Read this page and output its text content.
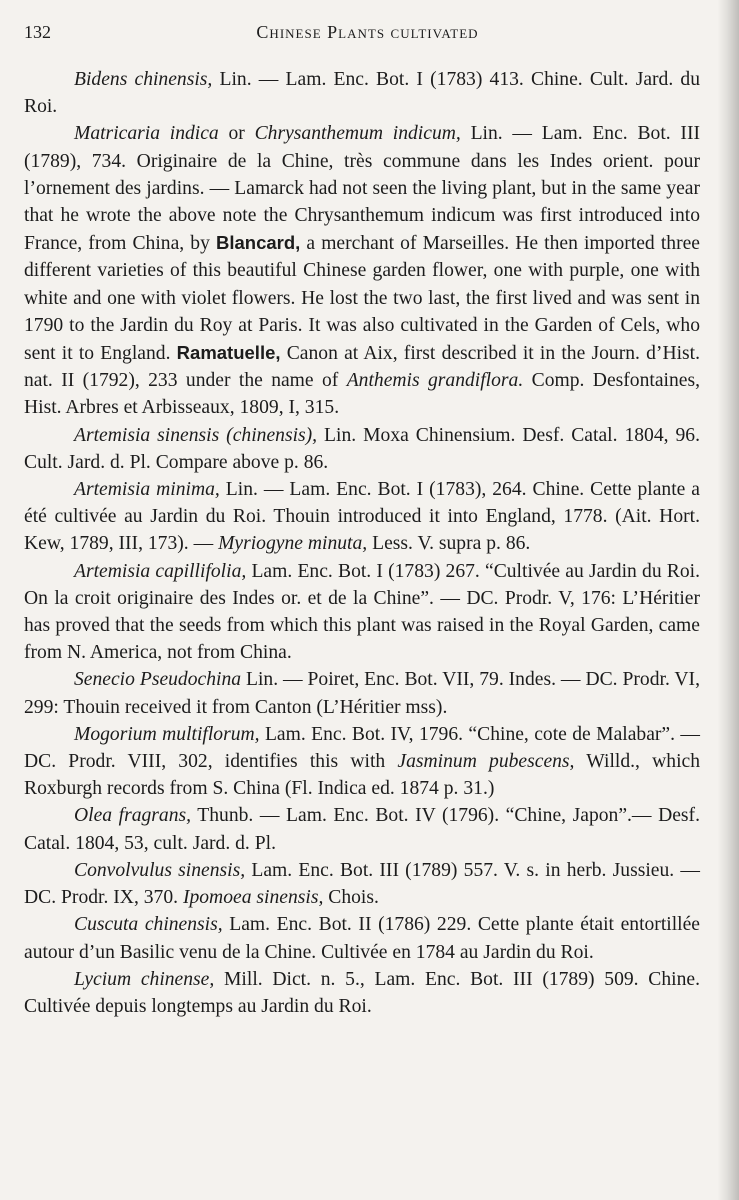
132	Chinese Plants cultivated

Bidens chinensis, Lin. — Lam. Enc. Bot. I (1783) 413. Chine. Cult. Jard. du Roi.

Matricaria indica or Chrysanthemum indicum, Lin. — Lam. Enc. Bot. III (1789), 734. Originaire de la Chine, très commune dans les Indes orient. pour l’ornement des jardins. — Lamarck had not seen the living plant, but in the same year that he wrote the above note the Chrysanthemum indicum was first introduced into France, from China, by Blancard, a merchant of Marseilles. He then imported three different varieties of this beautiful Chinese garden flower, one with purple, one with white and one with violet flowers. He lost the two last, the first lived and was sent in 1790 to the Jardin du Roy at Paris. It was also cultivated in the Garden of Cels, who sent it to England. Ramatuelle, Canon at Aix, first described it in the Journ. d’Hist. nat. II (1792), 233 under the name of Anthemis grandiflora. Comp. Desfontaines, Hist. Arbres et Arbisseaux, 1809, I, 315.

Artemisia sinensis (chinensis), Lin. Moxa Chinensium. Desf. Catal. 1804, 96. Cult. Jard. d. Pl. Compare above p. 86.

Artemisia minima, Lin. — Lam. Enc. Bot. I (1783), 264. Chine. Cette plante a été cultivée au Jardin du Roi. Thouin introduced it into England, 1778. (Ait. Hort. Kew, 1789, III, 173). — Myriogyne minuta, Less. V. supra p. 86.

Artemisia capillifolia, Lam. Enc. Bot. I (1783) 267. “Cultivée au Jardin du Roi. On la croit originaire des Indes or. et de la Chine”. — DC. Prodr. V, 176: L’Héritier has proved that the seeds from which this plant was raised in the Royal Garden, came from N. America, not from China.

Senecio Pseudochina Lin. — Poiret, Enc. Bot. VII, 79. Indes. — DC. Prodr. VI, 299: Thouin received it from Canton (L’Héritier mss).

Mogorium multiflorum, Lam. Enc. Bot. IV, 1796. “Chine, cote de Malabar”. — DC. Prodr. VIII, 302, identifies this with Jasminum pubescens, Willd., which Roxburgh records from S. China (Fl. Indica ed. 1874 p. 31.)

Olea fragrans, Thunb. — Lam. Enc. Bot. IV (1796). “Chine, Japon”.— Desf. Catal. 1804, 53, cult. Jard. d. Pl.

Convolvulus sinensis, Lam. Enc. Bot. III (1789) 557. V. s. in herb. Jussieu. — DC. Prodr. IX, 370. Ipomoea sinensis, Chois.

Cuscuta chinensis, Lam. Enc. Bot. II (1786) 229. Cette plante était entortillée autour d’un Basilic venu de la Chine. Cultivée en 1784 au Jardin du Roi.

Lycium chinense, Mill. Dict. n. 5., Lam. Enc. Bot. III (1789) 509. Chine. Cultivée depuis longtemps au Jardin du Roi.
